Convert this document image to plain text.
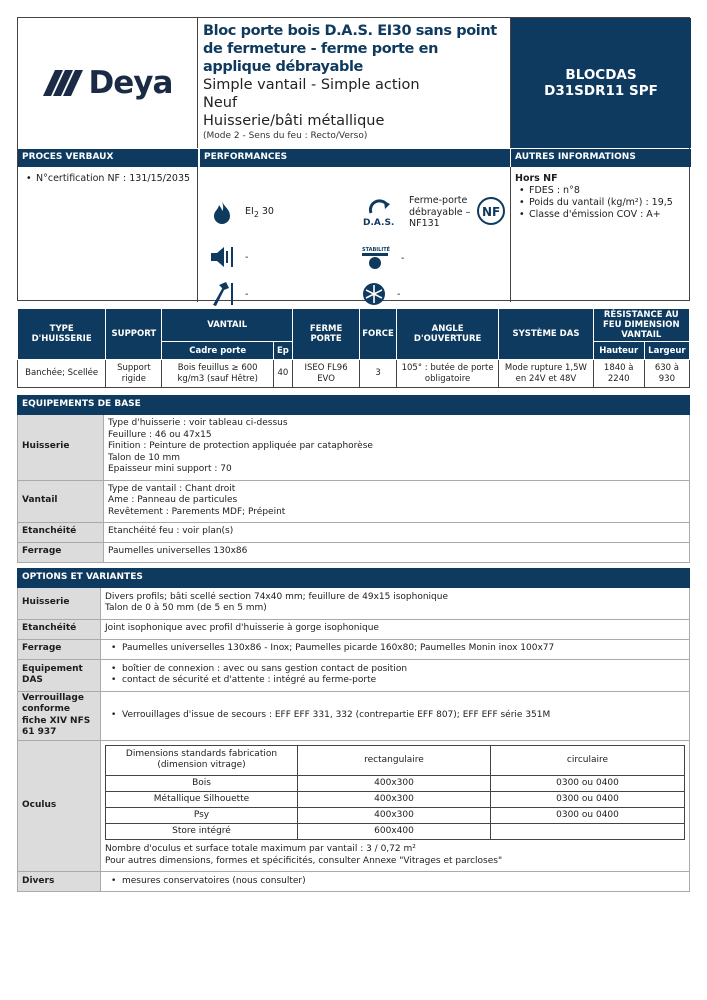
Deya
Bloc porte bois D.A.S. EI30 sans point de fermeture - ferme porte en applique débrayable
Simple vantail - Simple action
Neuf
Huisserie/bâti métallique
(Mode 2 - Sens du feu : Recto/Verso)
BLOCDAS
D31SDR11 SPF
PROCES VERBAUX	PERFORMANCES	AUTRES INFORMATIONS
• N°certification NF : 131/15/2035
$EI_2$ 30
-
-
D.A.S.
Ferme-porte débrayable – NF131
NF
STABILITÉ
-
-
Hors NF
• FDES : n°8
• Poids du vantail (kg/m²) : 19,5
• Classe d'émission COV : A+
TYPE D'HUISSERIE	SUPPORT	VANTAIL		FERME PORTE	FORCE	ANGLE D'OUVERTURE	SYSTÈME DAS	RÉSISTANCE AU FEU DIMENSION VANTAIL	
		Cadre porte	Ep					Hauteur	Largeur
Banchée; Scellée	Support rigide	Bois feuillus ≥ 600 kg/m3 (sauf Hêtre)	40	ISEO FL96 EVO	3	105° : butée de porte obligatoire	Mode rupture 1,5W en 24V et 48V	1840 à 2240	630 à 930
EQUIPEMENTS DE BASE	
Huisserie	Type d'huisserie : voir tableau ci-dessus
Feuillure : 46 ou 47x15
Finition : Peinture de protection appliquée par cataphorèse
Talon de 10 mm
Epaisseur mini support : 70

Vantail	Type de vantail : Chant droit
Ame : Panneau de particules
Revêtement : Parements MDF; Prépeint

Etanchéité	Etanchéité feu : voir plan(s)
Ferrage	Paumelles universelles 130x86
OPTIONS ET VARIANTES
Huisserie	
Divers profils; bâti scellé section 74x40 mm; feuillure de 49x15 isophonique
Talon de 0 à 50 mm (de 5 en 5 mm)

Etanchéité	Joint isophonique avec profil d'huisserie à gorge isophonique
Ferrage	
•Paumelles universelles 130x86 - Inox; Paumelles picarde 160x80; Paumelles Monin inox 100x77

Equipement DAS	
• boîtier de connexion : avec ou sans gestion contact de position
• contact de sécurité et d'attente : intégré au ferme-porte

Verrouillage conforme fiche XIV NFS 61 937	
• Verrouillages d'issue de secours : EFF EFF 331, 332 (contrepartie EFF 807); EFF EFF série 351M

Oculus	
Dimensions standards fabrication (dimension vitrage)	rectangulaire	circulaire
Bois	400x300	0300 ou 0400
Métallique Silhouette	400x300	0300 ou 0400
Psy	400x300	0300 ou 0400
Store intégré	600x400	
Nombre d'oculus et surface totale maximum par vantail : 3 / 0,72 m²
Pour autres dimensions, formes et spécificités, consulter Annexe "Vitrages et parcloses"

Divers	
•mesures conservatoires (nous consulter)
